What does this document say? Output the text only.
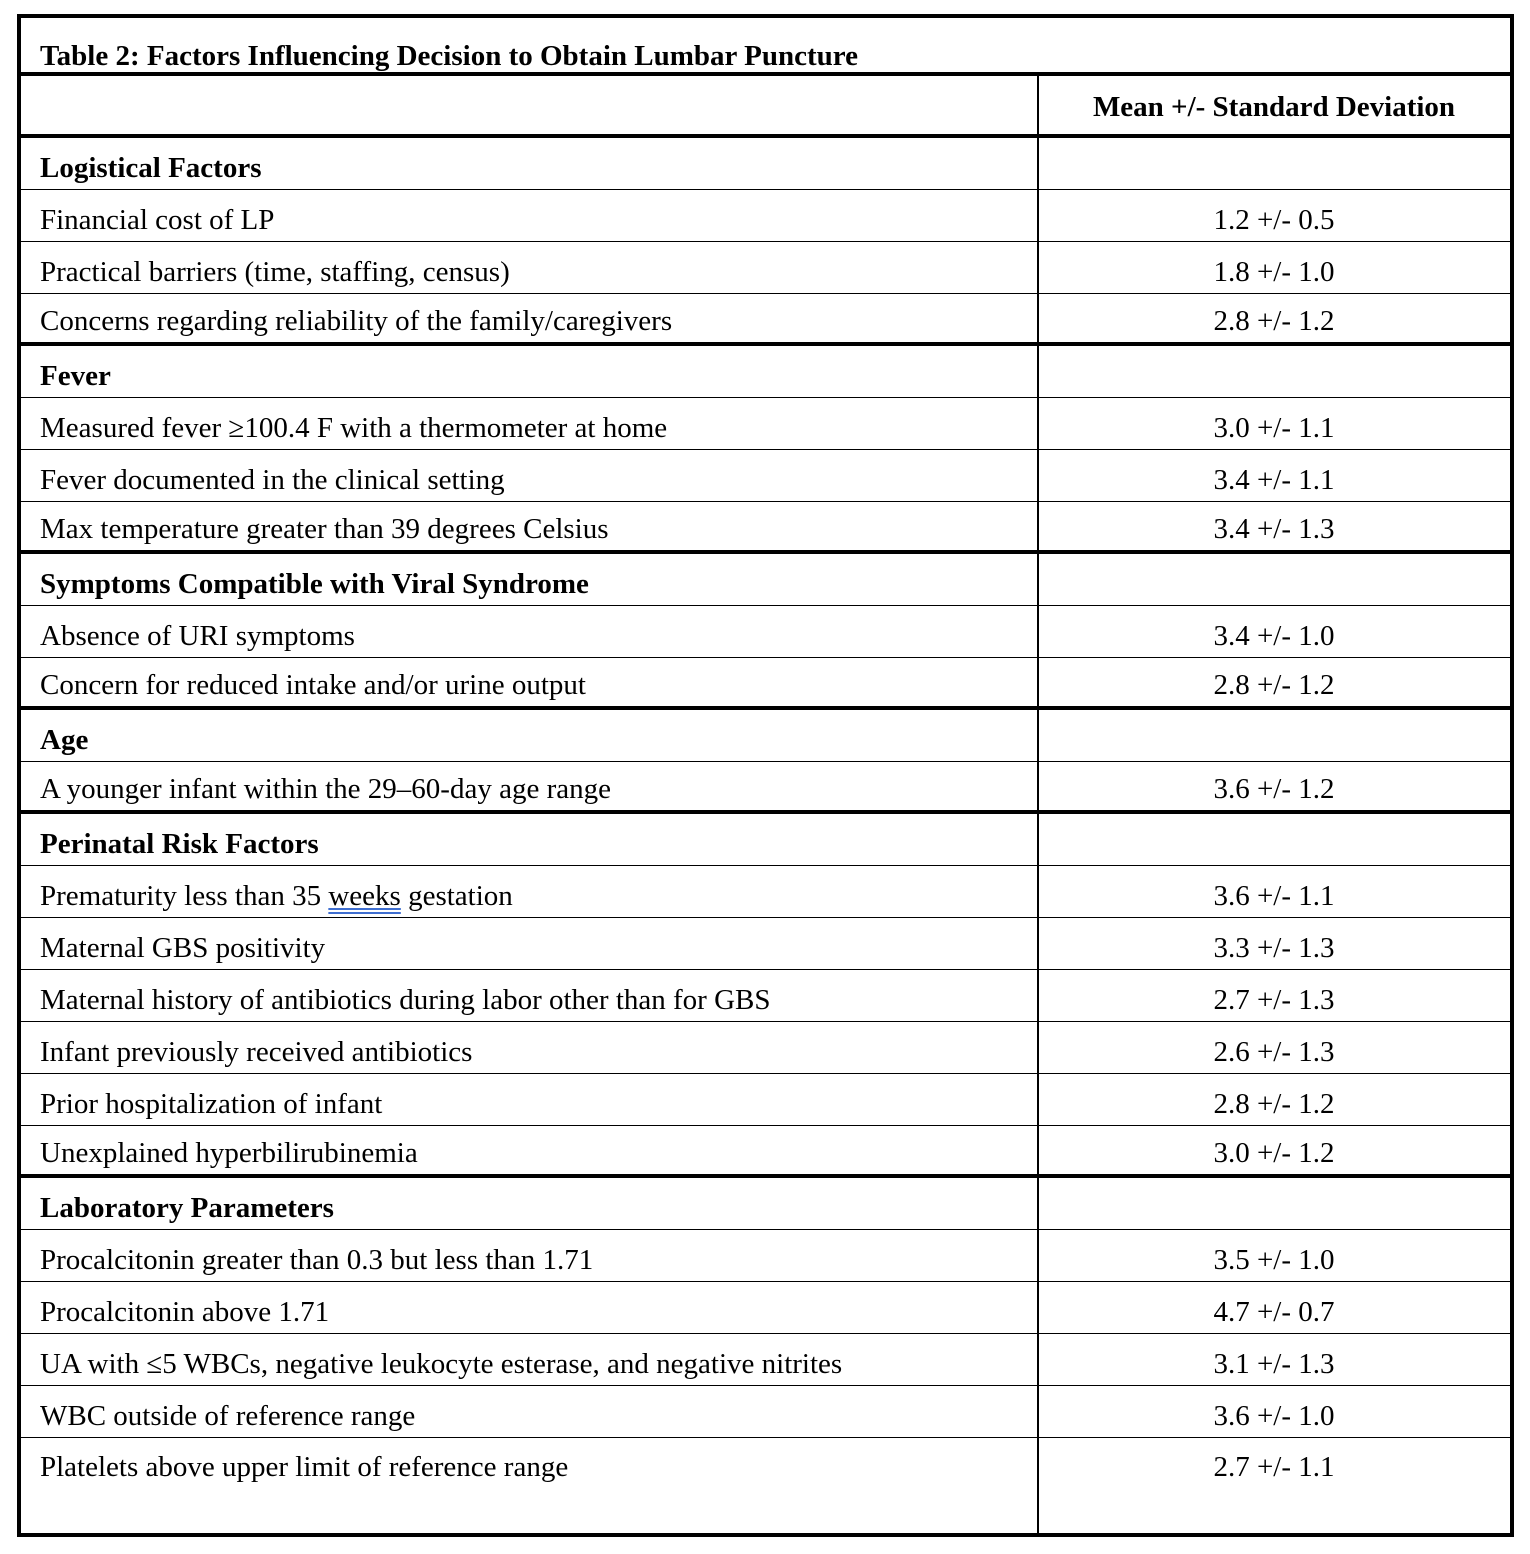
Table 2: Factors Influencing Decision to Obtain Lumbar Puncture
Mean +/- Standard Deviation
Logistical Factors
Financial cost of LP	1.2 +/- 0.5
Practical barriers (time, staffing, census)	1.8 +/- 1.0
Concerns regarding reliability of the family/caregivers	2.8 +/- 1.2
Fever
Measured fever ≥100.4 F with a thermometer at home	3.0 +/- 1.1
Fever documented in the clinical setting	3.4 +/- 1.1
Max temperature greater than 39 degrees Celsius	3.4 +/- 1.3
Symptoms Compatible with Viral Syndrome
Absence of URI symptoms	3.4 +/- 1.0
Concern for reduced intake and/or urine output	2.8 +/- 1.2
Age
A younger infant within the 29–60-day age range	3.6 +/- 1.2
Perinatal Risk Factors
Prematurity less than 35 weeks gestation	3.6 +/- 1.1
Maternal GBS positivity	3.3 +/- 1.3
Maternal history of antibiotics during labor other than for GBS	2.7 +/- 1.3
Infant previously received antibiotics	2.6 +/- 1.3
Prior hospitalization of infant	2.8 +/- 1.2
Unexplained hyperbilirubinemia	3.0 +/- 1.2
Laboratory Parameters
Procalcitonin greater than 0.3 but less than 1.71	3.5 +/- 1.0
Procalcitonin above 1.71	4.7 +/- 0.7
UA with ≤5 WBCs, negative leukocyte esterase, and negative nitrites	3.1 +/- 1.3
WBC outside of reference range	3.6 +/- 1.0
Platelets above upper limit of reference range	2.7 +/- 1.1
